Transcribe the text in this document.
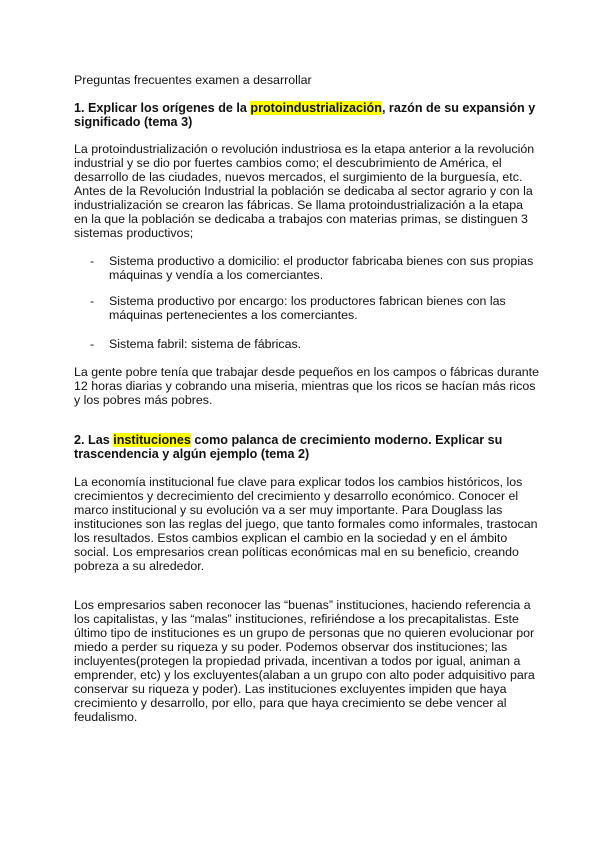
Preguntas frecuentes examen a desarrollar
1. Explicar los orígenes de la protoindustrialización, razón de su expansión y
significado (tema 3)
La protoindustrialización o revolución industriosa es la etapa anterior a la revolución
industrial y se dio por fuertes cambios como; el descubrimiento de América, el
desarrollo de las ciudades, nuevos mercados, el surgimiento de la burguesía, etc.
Antes de la Revolución Industrial la población se dedicaba al sector agrario y con la
industrialización se crearon las fábricas. Se llama protoindustrialización a la etapa
en la que la población se dedicaba a trabajos con materias primas, se distinguen 3
sistemas productivos;
- Sistema productivo a domicilio: el productor fabricaba bienes con sus propias
máquinas y vendía a los comerciantes.
- Sistema productivo por encargo: los productores fabrican bienes con las
máquinas pertenecientes a los comerciantes.
- Sistema fabril: sistema de fábricas.
La gente pobre tenía que trabajar desde pequeños en los campos o fábricas durante
12 horas diarias y cobrando una miseria, mientras que los ricos se hacían más ricos
y los pobres más pobres.
2. Las instituciones como palanca de crecimiento moderno. Explicar su
trascendencia y algún ejemplo (tema 2)
La economía institucional fue clave para explicar todos los cambios históricos, los
crecimientos y decrecimiento del crecimiento y desarrollo económico. Conocer el
marco institucional y su evolución va a ser muy importante. Para Douglass las
instituciones son las reglas del juego, que tanto formales como informales, trastocan
los resultados. Estos cambios explican el cambio en la sociedad y en el ámbito
social. Los empresarios crean políticas económicas mal en su beneficio, creando
pobreza a su alrededor.
Los empresarios saben reconocer las “buenas” instituciones, haciendo referencia a
los capitalistas, y las “malas” instituciones, refiriéndose a los precapitalistas. Este
último tipo de instituciones es un grupo de personas que no quieren evolucionar por
miedo a perder su riqueza y su poder. Podemos observar dos instituciones; las
incluyentes(protegen la propiedad privada, incentivan a todos por igual, animan a
emprender, etc) y los excluyentes(alaban a un grupo con alto poder adquisitivo para
conservar su riqueza y poder). Las instituciones excluyentes impiden que haya
crecimiento y desarrollo, por ello, para que haya crecimiento se debe vencer al
feudalismo.
